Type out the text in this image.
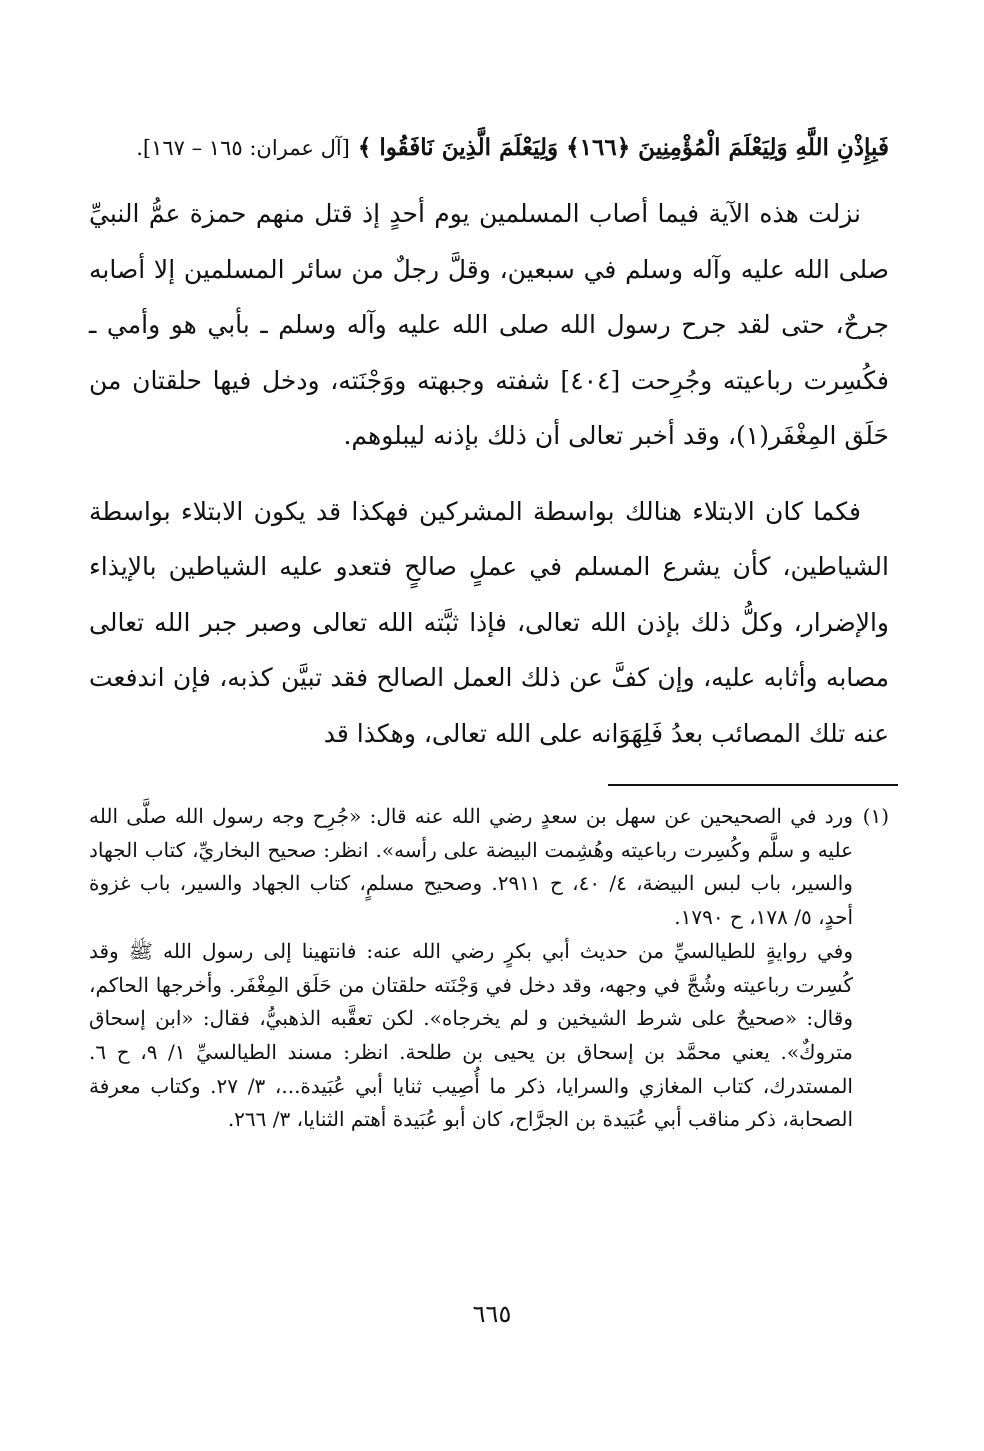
فَبِإِذْنِ اللَّهِ وَلِيَعْلَمَ الْمُؤْمِنِينَ ﴿١٦٦﴾ وَلِيَعْلَمَ الَّذِينَ نَافَقُوا ﴾ [آل عمران: ١٦٥ – ١٦٧].

نزلت هذه الآية فيما أصاب المسلمين يوم أحدٍ إذ قتل منهم حمزة عمُّ النبيِّ صلى الله عليه وآله وسلم في سبعين، وقلَّ رجلٌ من سائر المسلمين إلا أصابه جرحٌ، حتى لقد جرح رسول الله صلى الله عليه وآله وسلم ـ بأبي هو وأمي ـ فكُسِرت رباعيته وجُرِحت [٤٠٤] شفته وجبهته ووَجْنَته، ودخل فيها حلقتان من حَلَق المِغْفَر(١)، وقد أخبر تعالى أن ذلك بإذنه ليبلوهم.

فكما كان الابتلاء هنالك بواسطة المشركين فهكذا قد يكون الابتلاء بواسطة الشياطين، كأن يشرع المسلم في عملٍ صالحٍ فتعدو عليه الشياطين بالإيذاء والإضرار، وكلُّ ذلك بإذن الله تعالى، فإذا ثبَّته الله تعالى وصبر جبر الله تعالى مصابه وأثابه عليه، وإن كفَّ عن ذلك العمل الصالح فقد تبيَّن كذبه، فإن اندفعت عنه تلك المصائب بعدُ فَلِهَوَانه على الله تعالى، وهكذا قد

(١)
ورد في الصحيحين عن سهل بن سعدٍ رضي الله عنه قال: «جُرِح وجه رسول الله صلَّى الله عليه و سلَّم وكُسِرت رباعيته وهُشِمت البيضة على رأسه». انظر: صحيح البخاريِّ، كتاب الجهاد والسير، باب لبس البيضة، ٤/ ٤٠، ح ٢٩١١. وصحيح مسلمٍ، كتاب الجهاد والسير، باب غزوة أحدٍ، ٥/ ١٧٨، ح ١٧٩٠.

وفي روايةٍ للطيالسيِّ من حديث أبي بكرٍ رضي الله عنه: فانتهينا إلى رسول الله ﷺ وقد كُسِرت رباعيته وشُجَّ في وجهه، وقد دخل في وَجْنَته حلقتان من حَلَق المِغْفَر. وأخرجها الحاكم، وقال: «صحيحٌ على شرط الشيخين و لم يخرجاه». لكن تعقَّبه الذهبيُّ، فقال: «ابن إسحاق متروكٌ». يعني محمَّد بن إسحاق بن يحيى بن طلحة. انظر: مسند الطيالسيِّ ١/ ٩، ح ٦. المستدرك، كتاب المغازي والسرايا، ذكر ما أُصِيب ثنايا أبي عُبَيدة...، ٣/ ٢٧. وكتاب معرفة الصحابة، ذكر مناقب أبي عُبَيدة بن الجرَّاح، كان أبو عُبَيدة أهتم الثنايا، ٣/ ٢٦٦.

٦٦٥
